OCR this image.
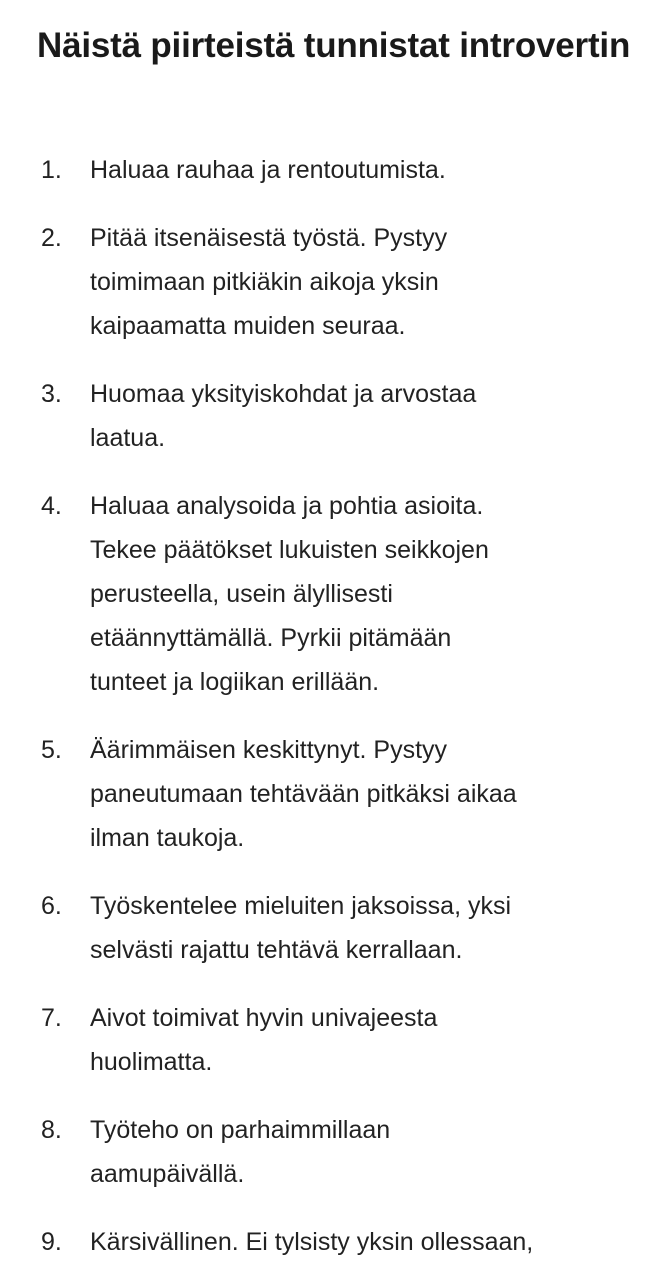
Näistä piirteistä tunnistat introvertin
1. Haluaa rauhaa ja rentoutumista.
2. Pitää itsenäisestä työstä. Pystyy
toimimaan pitkiäkin aikoja yksin
kaipaamatta muiden seuraa.
3. Huomaa yksityiskohdat ja arvostaa
laatua.
4. Haluaa analysoida ja pohtia asioita.
Tekee päätökset lukuisten seikkojen
perusteella, usein älyllisesti
etäännyttämällä. Pyrkii pitämään
tunteet ja logiikan erillään.
5. Äärimmäisen keskittynyt. Pystyy
paneutumaan tehtävään pitkäksi aikaa
ilman taukoja.
6. Työskentelee mieluiten jaksoissa, yksi
selvästi rajattu tehtävä kerrallaan.
7. Aivot toimivat hyvin univajeesta
huolimatta.
8. Työteho on parhaimmillaan
aamupäivällä.
9. Kärsivällinen. Ei tylsisty yksin ollessaan,
